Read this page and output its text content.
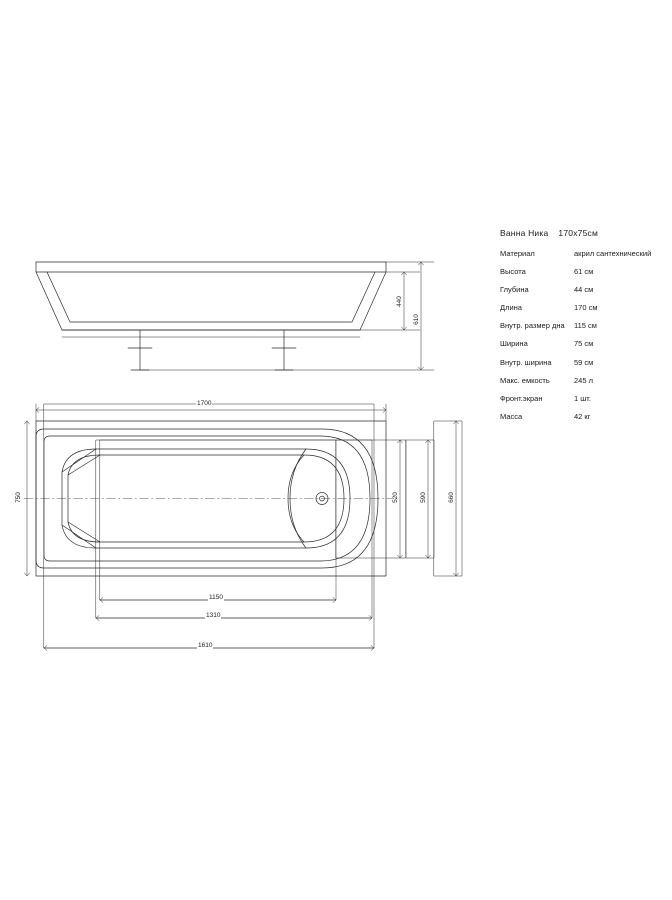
1700
750
1150
1310
1610
520	590	660
610
440
Ванна Ника 170х75см
Материал	акрил сантехнический
Высота	61 см
Глубина	44 см
Длина	170 см
Внутр. размер дна	115 см
Ширина	75 см
Внутр. ширина	59 см
Макс. емкость	245 л
Фронт.экран	1 шт.
Масса	42 кг
